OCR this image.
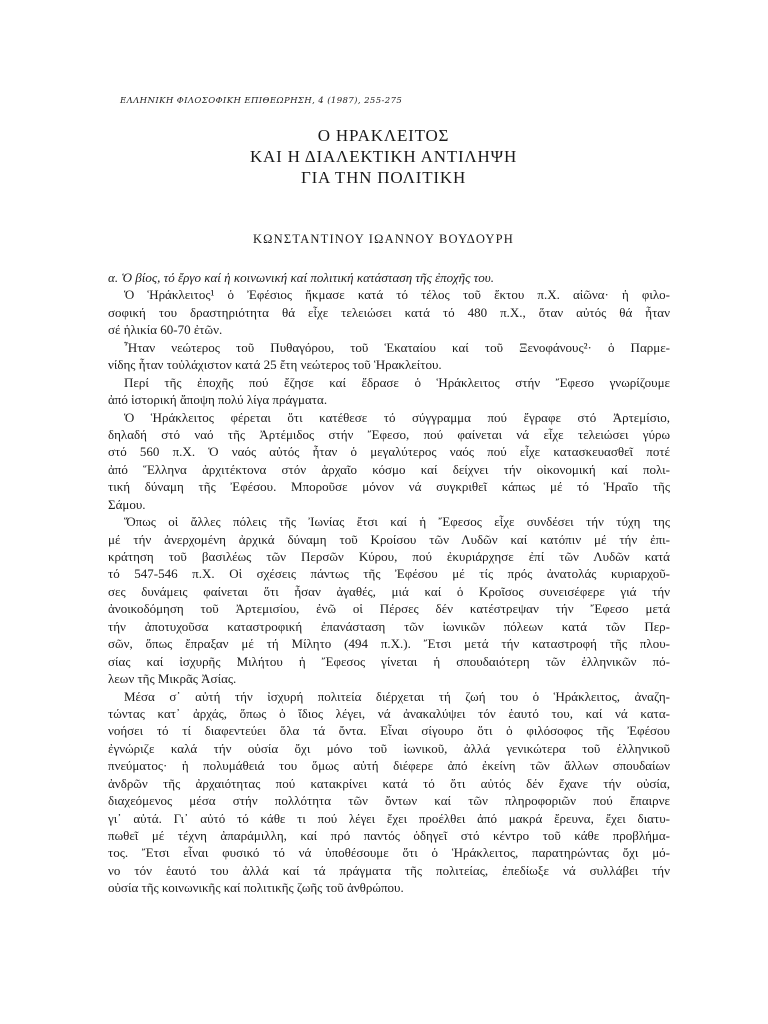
ΕΛΛΗΝΙΚΗ ΦΙΛΟΣΟΦΙΚΗ ΕΠΙΘΕΩΡΗΣΗ, 4 (1987), 255-275
Ο ΗΡΑΚΛΕΙΤΟΣ
ΚΑΙ Η ΔΙΑΛΕΚΤΙΚΗ ΑΝΤΙΛΗΨΗ
ΓΙΑ ΤΗΝ ΠΟΛΙΤΙΚΗ
ΚΩΝΣΤΑΝΤΙΝΟΥ ΙΩΑΝΝΟΥ ΒΟΥΔΟΥΡΗ
α. Ὁ βίος, τό ἔργο καί ἡ κοινωνική καί πολιτική κατάσταση τῆς ἐποχῆς του.
Ὁ Ἡράκλειτος¹ ὁ Ἐφέσιος ἤκμασε κατά τό τέλος τοῦ ἕκτου π.Χ. αἰῶνα· ἡ φιλο-
σοφική του δραστηριότητα θά εἶχε τελειώσει κατά τό 480 π.Χ., ὅταν αὐτός θά ἦταν
σέ ἡλικία 60-70 ἐτῶν.
Ἦταν νεώτερος τοῦ Πυθαγόρου, τοῦ Ἑκαταίου καί τοῦ Ξενοφάνους²· ὁ Παρμε-
νίδης ἦταν τοὐλάχιστον κατά 25 ἔτη νεώτερος τοῦ Ἡρακλείτου.
Περί τῆς ἐποχῆς πού ἔζησε καί ἔδρασε ὁ Ἡράκλειτος στήν Ἔφεσο γνωρίζουμε
ἀπό ἱστορική ἄποψη πολύ λίγα πράγματα.
Ὁ Ἡράκλειτος φέρεται ὅτι κατέθεσε τό σύγγραμμα πού ἔγραφε στό Ἀρτεμίσιο,
δηλαδή στό ναό τῆς Ἀρτέμιδος στήν Ἔφεσο, πού φαίνεται νά εἶχε τελειώσει γύρω
στό 560 π.Χ. Ὁ ναός αὐτός ἦταν ὁ μεγαλύτερος ναός πού εἶχε κατασκευασθεῖ ποτέ
ἀπό Ἕλληνα ἀρχιτέκτονα στόν ἀρχαῖο κόσμο καί δείχνει τήν οἰκονομική καί πολι-
τική δύναμη τῆς Ἐφέσου. Μποροῦσε μόνον νά συγκριθεῖ κάπως μέ τό Ἡραῖο τῆς
Σάμου.
Ὅπως οἱ ἄλλες πόλεις τῆς Ἰωνίας ἔτσι καί ἡ Ἔφεσος εἶχε συνδέσει τήν τύχη της
μέ τήν ἀνερχομένη ἀρχικά δύναμη τοῦ Κροίσου τῶν Λυδῶν καί κατόπιν μέ τήν ἐπι-
κράτηση τοῦ βασιλέως τῶν Περσῶν Κύρου, πού ἐκυριάρχησε ἐπί τῶν Λυδῶν κατά
τό 547-546 π.Χ. Οἱ σχέσεις πάντως τῆς Ἐφέσου μέ τίς πρός ἀνατολάς κυριαρχοῦ-
σες δυνάμεις φαίνεται ὅτι ἦσαν ἀγαθές, μιά καί ὁ Κροῖσος συνεισέφερε γιά τήν
ἀνοικοδόμηση τοῦ Ἀρτεμισίου, ἐνῶ οἱ Πέρσες δέν κατέστρεψαν τήν Ἔφεσο μετά
τήν ἀποτυχοῦσα καταστροφική ἐπανάσταση τῶν ἰωνικῶν πόλεων κατά τῶν Περ-
σῶν, ὅπως ἔπραξαν μέ τή Μίλητο (494 π.Χ.). Ἔτσι μετά τήν καταστροφή τῆς πλου-
σίας καί ἰσχυρῆς Μιλήτου ἡ Ἔφεσος γίνεται ἡ σπουδαιότερη τῶν ἑλληνικῶν πό-
λεων τῆς Μικρᾶς Ἀσίας.
Μέσα σ᾽ αὐτή τήν ἰσχυρή πολιτεία διέρχεται τή ζωή του ὁ Ἡράκλειτος, ἀναζη-
τώντας κατ᾽ ἀρχάς, ὅπως ὁ ἴδιος λέγει, νά ἀνακαλύψει τόν ἑαυτό του, καί νά κατα-
νοήσει τό τί διαφεντεύει ὅλα τά ὄντα. Εἶναι σίγουρο ὅτι ὁ φιλόσοφος τῆς Ἐφέσου
ἐγνώριζε καλά τήν οὐσία ὄχι μόνο τοῦ ἰωνικοῦ, ἀλλά γενικώτερα τοῦ ἑλληνικοῦ
πνεύματος· ἡ πολυμάθειά του ὅμως αὐτή διέφερε ἀπό ἐκείνη τῶν ἄλλων σπουδαίων
ἀνδρῶν τῆς ἀρχαιότητας πού κατακρίνει κατά τό ὅτι αὐτός δέν ἔχανε τήν οὐσία,
διαχεόμενος μέσα στήν πολλότητα τῶν ὄντων καί τῶν πληροφοριῶν πού ἔπαιρνε
γι᾽ αὐτά. Γι᾽ αὐτό τό κάθε τι πού λέγει ἔχει προέλθει ἀπό μακρά ἔρευνα, ἔχει διατυ-
πωθεῖ μέ τέχνη ἀπαράμιλλη, καί πρό παντός ὁδηγεῖ στό κέντρο τοῦ κάθε προβλήμα-
τος. Ἔτσι εἶναι φυσικό τό νά ὑποθέσουμε ὅτι ὁ Ἡράκλειτος, παρατηρώντας ὄχι μό-
νο τόν ἑαυτό του ἀλλά καί τά πράγματα τῆς πολιτείας, ἐπεδίωξε νά συλλάβει τήν
οὐσία τῆς κοινωνικῆς καί πολιτικῆς ζωῆς τοῦ ἀνθρώπου.
